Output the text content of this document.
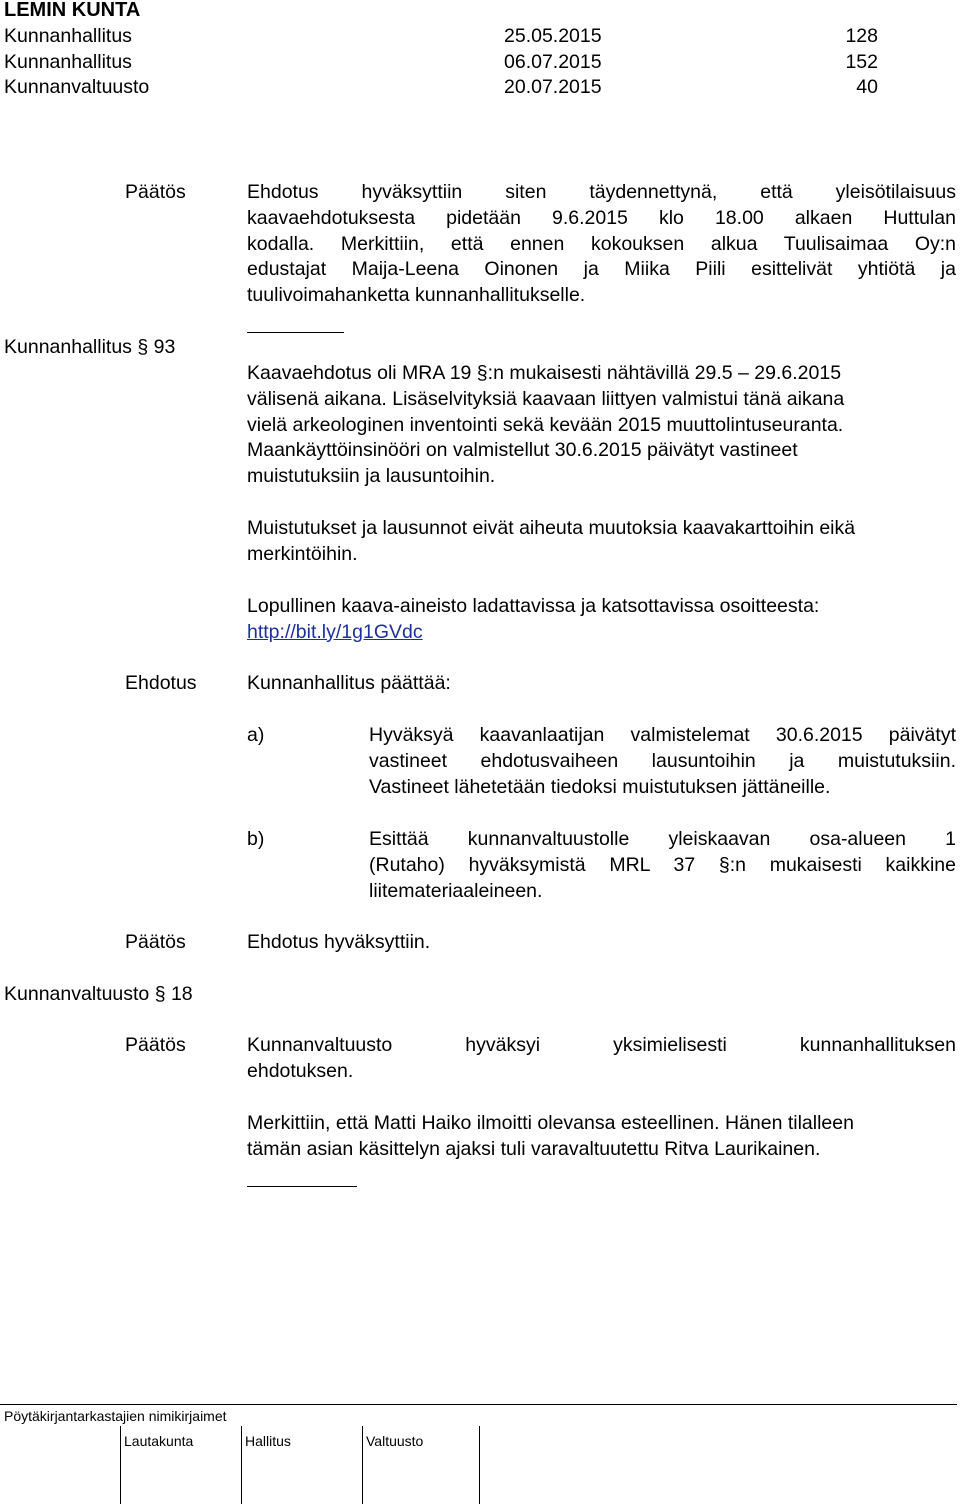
LEMIN KUNTA
Kunnanhallitus	25.05.2015	128
Kunnanhallitus	06.07.2015	152
Kunnanvaltuusto	20.07.2015	40
Päätös	Ehdotus hyväksyttiin siten täydennettynä, että yleisötilaisuus
kaavaehdotuksesta pidetään 9.6.2015 klo 18.00 alkaen Huttulan
kodalla. Merkittiin, että ennen kokouksen alkua Tuulisaimaa Oy:n
edustajat Maija-Leena Oinonen ja Miika Piili esittelivät yhtiötä ja
tuulivoimahanketta kunnanhallitukselle.
Kunnanhallitus § 93
Kaavaehdotus oli MRA 19 §:n mukaisesti nähtävillä 29.5 – 29.6.2015
välisenä aikana. Lisäselvityksiä kaavaan liittyen valmistui tänä aikana
vielä arkeologinen inventointi sekä kevään 2015 muuttolintuseuranta.
Maankäyttöinsinööri on valmistellut 30.6.2015 päivätyt vastineet
muistutuksiin ja lausuntoihin.
Muistutukset ja lausunnot eivät aiheuta muutoksia kaavakarttoihin eikä
merkintöihin.
Lopullinen kaava-aineisto ladattavissa ja katsottavissa osoitteesta:
http://bit.ly/1g1GVdc
Ehdotus	Kunnanhallitus päättää:
a)	Hyväksyä kaavanlaatijan valmistelemat 30.6.2015 päivätyt
vastineet ehdotusvaiheen lausuntoihin ja muistutuksiin.
Vastineet lähetetään tiedoksi muistutuksen jättäneille.
b)	Esittää kunnanvaltuustolle yleiskaavan osa-alueen 1
(Rutaho) hyväksymistä MRL 37 §:n mukaisesti kaikkine
liitemateriaaleineen.
Päätös	Ehdotus hyväksyttiin.
Kunnanvaltuusto § 18
Päätös	Kunnanvaltuusto hyväksyi yksimielisesti kunnanhallituksen
ehdotuksen.
Merkittiin, että Matti Haiko ilmoitti olevansa esteellinen. Hänen tilalleen
tämän asian käsittelyn ajaksi tuli varavaltuutettu Ritva Laurikainen.
Pöytäkirjantarkastajien nimikirjaimet
Lautakunta	Hallitus	Valtuusto
